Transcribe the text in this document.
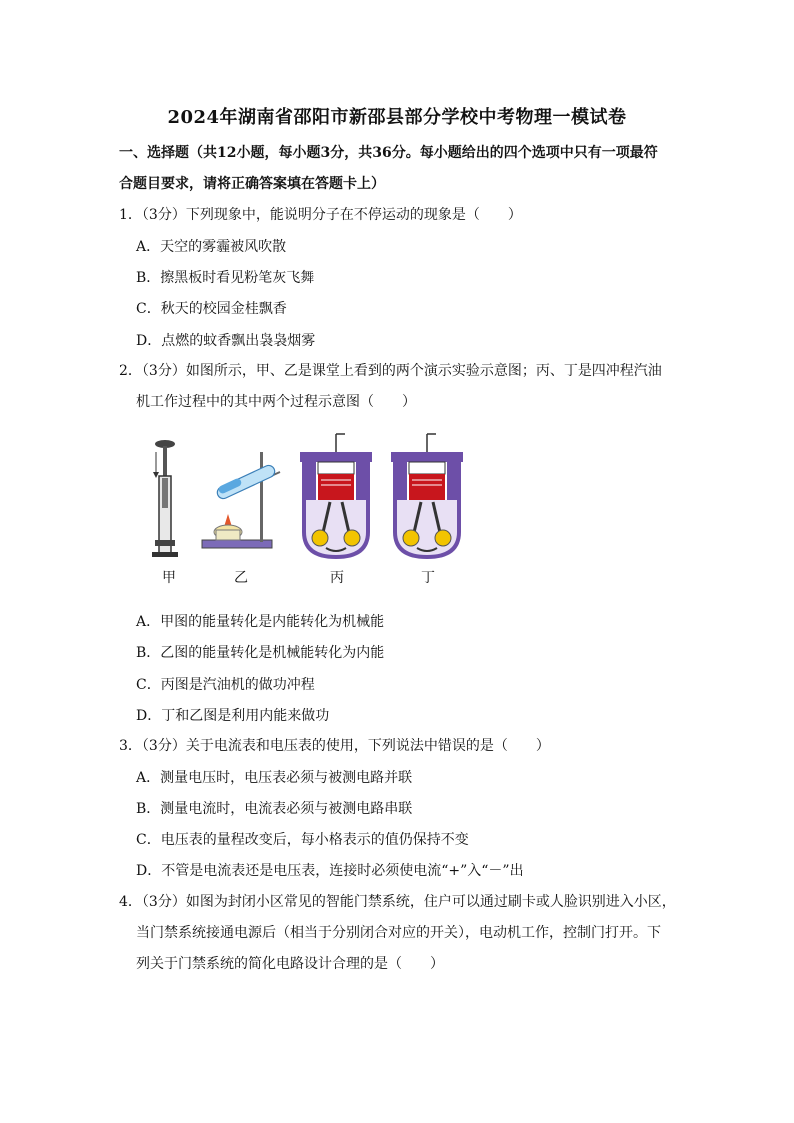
2024年湖南省邵阳市新邵县部分学校中考物理一模试卷
一、选择题（共12小题，每小题3分，共36分。每小题给出的四个选项中只有一项最符
合题目要求，请将正确答案填在答题卡上）
1．（3分）下列现象中，能说明分子在不停运动的现象是（　　）
A．天空的雾霾被风吹散
B．擦黑板时看见粉笔灰飞舞
C．秋天的校园金桂飘香
D．点燃的蚊香飘出袅袅烟雾
2．（3分）如图所示，甲、乙是课堂上看到的两个演示实验示意图；丙、丁是四冲程汽油
机工作过程中的其中两个过程示意图（　　）
甲	乙	丙	丁
A．甲图的能量转化是内能转化为机械能
B．乙图的能量转化是机械能转化为内能
C．丙图是汽油机的做功冲程
D．丁和乙图是利用内能来做功
3．（3分）关于电流表和电压表的使用，下列说法中错误的是（　　）
A．测量电压时，电压表必须与被测电路并联
B．测量电流时，电流表必须与被测电路串联
C．电压表的量程改变后，每小格表示的值仍保持不变
D．不管是电流表还是电压表，连接时必须使电流“+”入“－”出
4．（3分）如图为封闭小区常见的智能门禁系统，住户可以通过刷卡或人脸识别进入小区，
当门禁系统接通电源后（相当于分别闭合对应的开关），电动机工作，控制门打开。下
列关于门禁系统的简化电路设计合理的是（　　）
